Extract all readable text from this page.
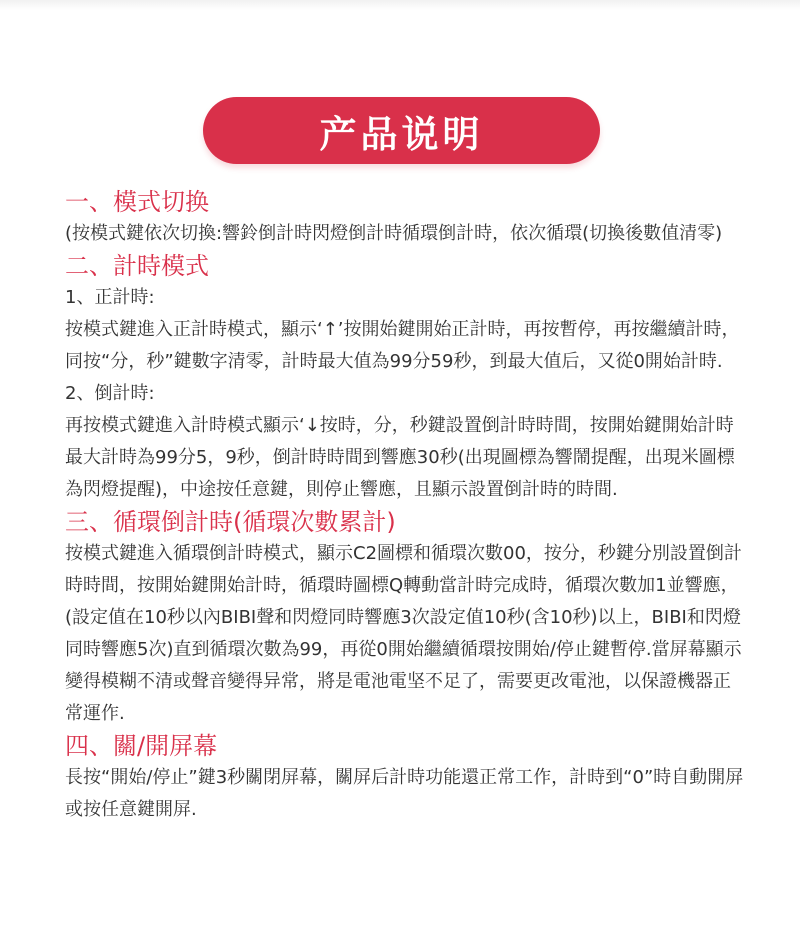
产品说明
一、模式切换
(按模式鍵依次切換:響鈴倒計時閃燈倒計時循環倒計時，依次循環(切換後數值清零)
二、計時模式
1、正計時:
按模式鍵進入正計時模式，顯示‘↑’按開始鍵開始正計時，再按暫停，再按繼續計時，同按“分，秒”鍵數字清零，計時最大值為99分59秒，到最大值后，又從0開始計時.
2、倒計時:
再按模式鍵進入計時模式顯示‘↓按時，分，秒鍵設置倒計時時間，按開始鍵開始計時最大計時為99分5，9秒，倒計時時間到響應30秒(出現圖標為響鬧提醒，出現米圖標為閃燈提醒)，中途按任意鍵，則停止響應，且顯示設置倒計時的時間.
三、循環倒計時(循環次數累計)
按模式鍵進入循環倒計時模式，顯示C2圖標和循環次數00，按分，秒鍵分別設置倒計時時間，按開始鍵開始計時，循環時圖標Q轉動當計時完成時，循環次數加1並響應，(設定值在10秒以內BIBI聲和閃燈同時響應3次設定值10秒(含10秒)以上，BIBI和閃燈同時響應5次)直到循環次數為99，再從0開始繼續循環按開始/停止鍵暫停.當屏幕顯示變得模糊不清或聲音變得异常，將是電池電坚不足了，需要更改電池，以保證機器正常運作.
四、關/開屏幕
長按“開始/停止”鍵3秒關閉屏幕，關屏后計時功能還正常工作，計時到“0”時自動開屏或按任意鍵開屏.
